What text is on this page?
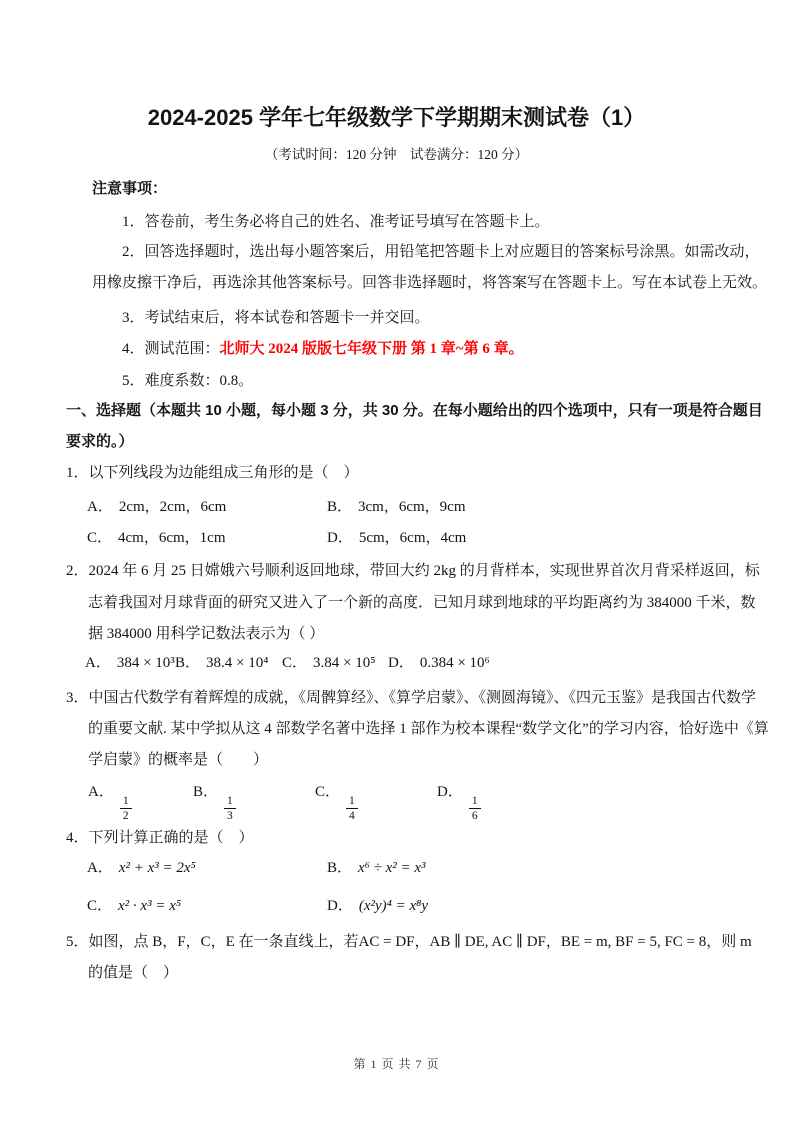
2024-2025 学年七年级数学下学期期末测试卷（1）
（考试时间：120 分钟　试卷满分：120 分）
注意事项：
1．答卷前，考生务必将自己的姓名、准考证号填写在答题卡上。
2．回答选择题时，选出每小题答案后，用铅笔把答题卡上对应题目的答案标号涂黑。如需改动，
用橡皮擦干净后，再选涂其他答案标号。回答非选择题时，将答案写在答题卡上。写在本试卷上无效。
3．考试结束后，将本试卷和答题卡一并交回。
4．测试范围：北师大 2024 版版七年级下册 第 1 章~第 6 章。
5．难度系数：0.8。
一、选择题（本题共 10 小题，每小题 3 分，共 30 分。在每小题给出的四个选项中，只有一项是符合题目
要求的。）
1．以下列线段为边能组成三角形的是（　）
A． 2cm，2cm，6cm	B． 3cm，6cm，9cm
C． 4cm，6cm，1cm	D． 5cm，6cm，4cm
2．2024 年 6 月 25 日嫦娥六号顺利返回地球，带回大约 2kg 的月背样本，实现世界首次月背采样返回，标
志着我国对月球背面的研究又进入了一个新的高度．已知月球到地球的平均距离约为 384000 千米，数
据 384000 用科学记数法表示为（ ）
A． 384 × 10³ B． 38.4 × 10⁴ C． 3.84 × 10⁵ D． 0.384 × 10⁶
3．中国古代数学有着辉煌的成就，《周髀算经》、《算学启蒙》、《测圆海镜》、《四元玉鉴》是我国古代数学
的重要文献. 某中学拟从这 4 部数学名著中选择 1 部作为校本课程“数学文化”的学习内容，恰好选中《算
学启蒙》的概率是（　　）
A．
$\frac{1}{2}$
B．
$\frac{1}{3}$
C．
$\frac{1}{4}$
D．
$\frac{1}{6}$
4．下列计算正确的是（　）
A． x² + x³ = 2x⁵	B． x⁶ ÷ x² = x³
C． x² · x³ = x⁵	D． (x²y)⁴ = x⁸y
5．如图，点 B，F，C，E 在一条直线上，若AC = DF，AB ∥ DE, AC ∥ DF，BE = m, BF = 5, FC = 8，则 m
的值是（　）
第 1 页 共 7 页
